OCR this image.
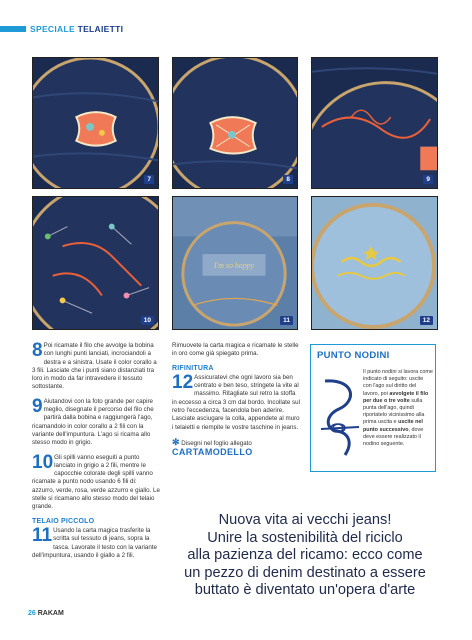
SPECIALE TELAIETTI
7	8	9
10
I'm so happy
11	12
8 Poi ricamate il filo che avvolge la bobina con lunghi punti lanciati, incrociandoli a destra e a sinistra. Usate il color corallo a 3 fili. Lasciate che i punti siano distanziati tra loro in modo da far intravedere il tessuto sottostante.
9 Aiutandovi con la foto grande per capire meglio, disegnate il percorso del filo che partirà dalla bobina e raggiungerà l'ago, ricamandolo in color corallo a 2 fili con la variante dell'impuntura. L'ago si ricama allo stesso modo in grigio.
10 Gli spilli vanno eseguiti a punto lanciato in grigio a 2 fili, mentre le capocchie colorate degli spilli vanno ricamate a punto nodo usando 6 fili di: azzurro, verde, rosa, verde azzurro e giallo. Le stelle si ricamano allo stesso modo del telaio grande.
TELAIO PICCOLO
11 Usando la carta magica trasferite la scritta sul tessuto di jeans, sopra la tasca. Lavorate il testo con la variante dell'impuntura, usando il giallo a 2 fili.
Rimuovete la carta magica e ricamate le stelle in oro come già spiegato prima.
RIFINITURA
12 Assicuratevi che ogni lavoro sia ben centrato e ben teso, stringete la vite al massimo. Ritagliate sul retro la stoffa in eccesso a circa 3 cm dal bordo. Incollate sul retro l'eccedenza, facendola ben aderire. Lasciate asciugare la colla, appendete al muro i telaietti e riempite le vostre taschine in jeans.
✻ Disegni nel foglio allegato
CARTAMODELLO
PUNTO NODINI
Il punto nodini si lavora come indicato di seguito: uscite con l'ago sul diritto del lavoro, poi avvolgete il filo per due o tre volte sulla punta dell'ago, quindi riportatelo vicinissimo alla prima uscita e uscite nel punto successivo, dove deve essere realizzato il nodino seguente.
Nuova vita ai vecchi jeans!
Unire la sostenibilità del riciclo
alla pazienza del ricamo: ecco come
un pezzo di denim destinato a essere
buttato è diventato un'opera d'arte
26 RAKAM
